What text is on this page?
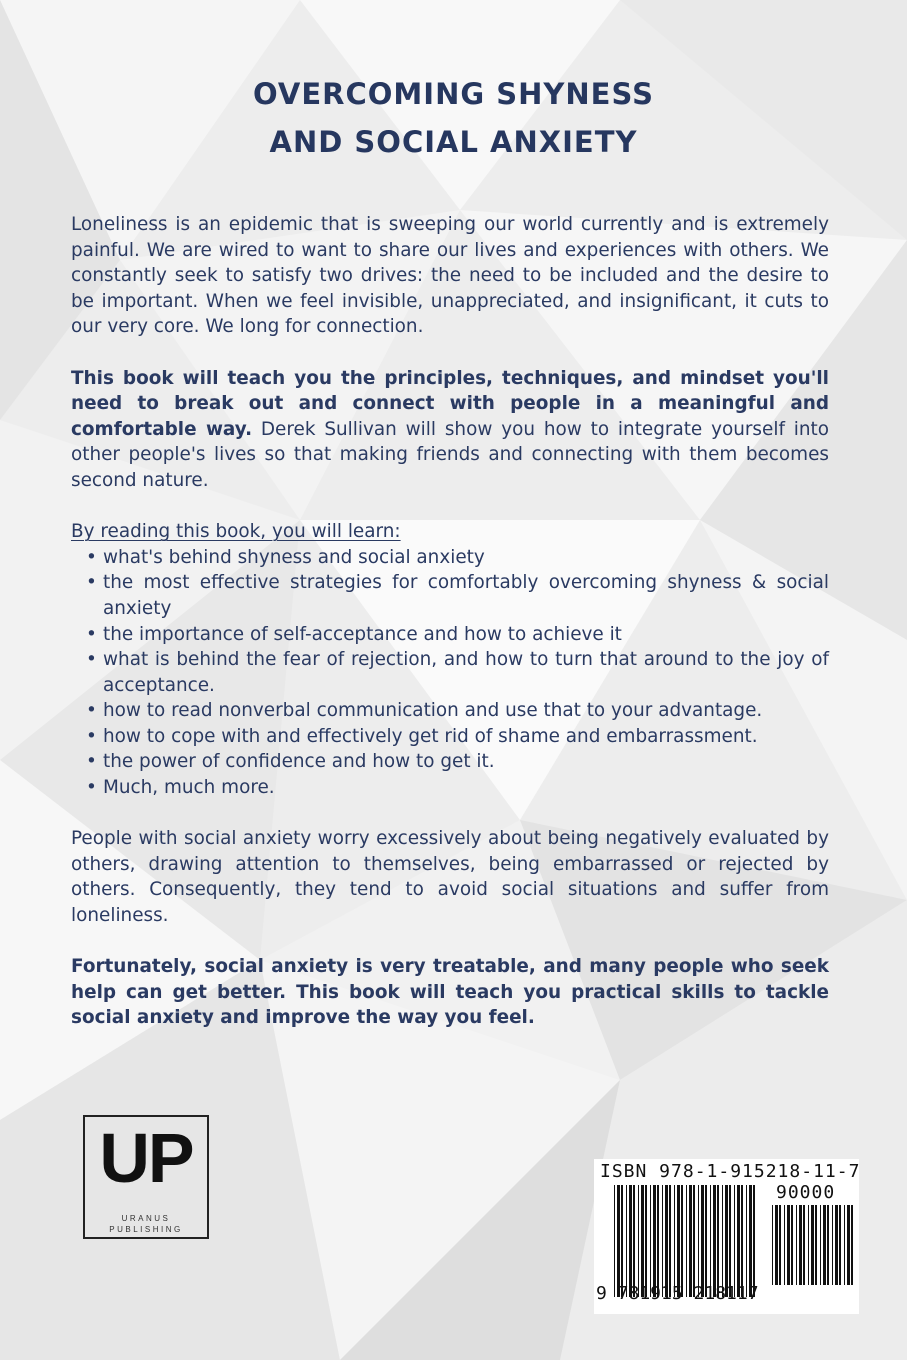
OVERCOMING SHYNESS
AND SOCIAL ANXIETY

Loneliness is an epidemic that is sweeping our world currently and is extremely painful. We are wired to want to share our lives and experiences with others. We constantly seek to satisfy two drives: the need to be included and the desire to be important. When we feel invisible, unappreciated, and insignificant, it cuts to our very core. We long for connection.

This book will teach you the principles, techniques, and mindset you'll need to break out and connect with people in a meaningful and comfortable way. Derek Sullivan will show you how to integrate yourself into other people's lives so that making friends and connecting with them becomes second nature.

By reading this book, you will learn:
• what's behind shyness and social anxiety
• the most effective strategies for comfortably overcoming shyness & social anxiety
• the importance of self-acceptance and how to achieve it
• what is behind the fear of rejection, and how to turn that around to the joy of acceptance.
• how to read nonverbal communication and use that to your advantage.
• how to cope with and effectively get rid of shame and embarrassment.
• the power of confidence and how to get it.
• Much, much more.

People with social anxiety worry excessively about being negatively evaluated by others, drawing attention to themselves, being embarrassed or rejected by others. Consequently, they tend to avoid social situations and suffer from loneliness.

Fortunately, social anxiety is very treatable, and many people who seek help can get better. This book will teach you practical skills to tackle social anxiety and improve the way you feel.

UP
URANUS
PUBLISHING
ISBN 978-1-915218-11-7
90000
9 781915 218117
